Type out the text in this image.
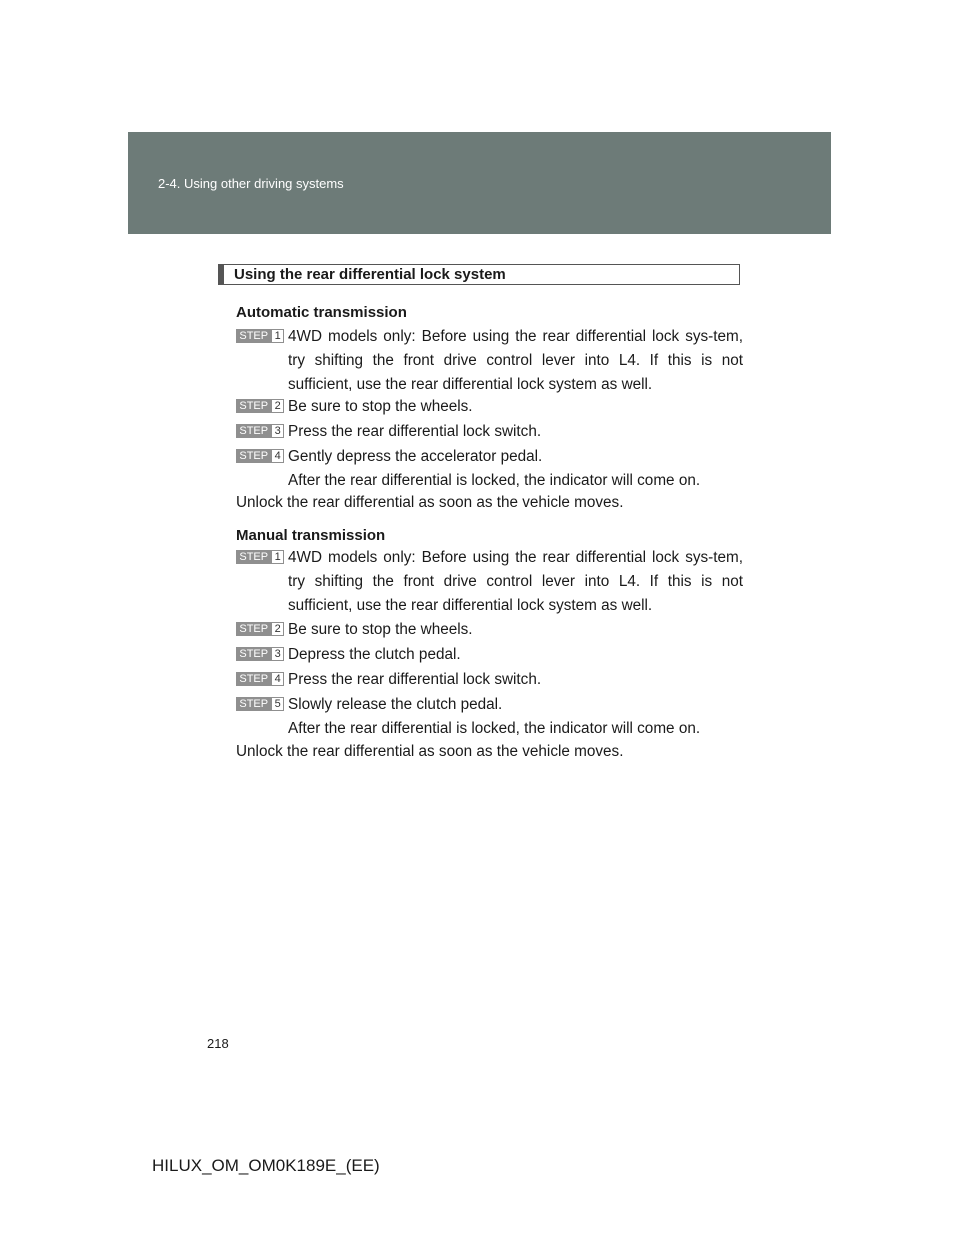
2-4. Using other driving systems
Using the rear differential lock system
Automatic transmission
STEP 1 4WD models only: Before using the rear differential lock sys-tem, try shifting the front drive control lever into L4. If this is not sufficient, use the rear differential lock system as well.
STEP 2 Be sure to stop the wheels.
STEP 3 Press the rear differential lock switch.
STEP 4 Gently depress the accelerator pedal.
After the rear differential is locked, the indicator will come on.
Unlock the rear differential as soon as the vehicle moves.
Manual transmission
STEP 1 4WD models only: Before using the rear differential lock sys-tem, try shifting the front drive control lever into L4. If this is not sufficient, use the rear differential lock system as well.
STEP 2 Be sure to stop the wheels.
STEP 3 Depress the clutch pedal.
STEP 4 Press the rear differential lock switch.
STEP 5 Slowly release the clutch pedal.
After the rear differential is locked, the indicator will come on.
Unlock the rear differential as soon as the vehicle moves.
218
HILUX_OM_OM0K189E_(EE)
